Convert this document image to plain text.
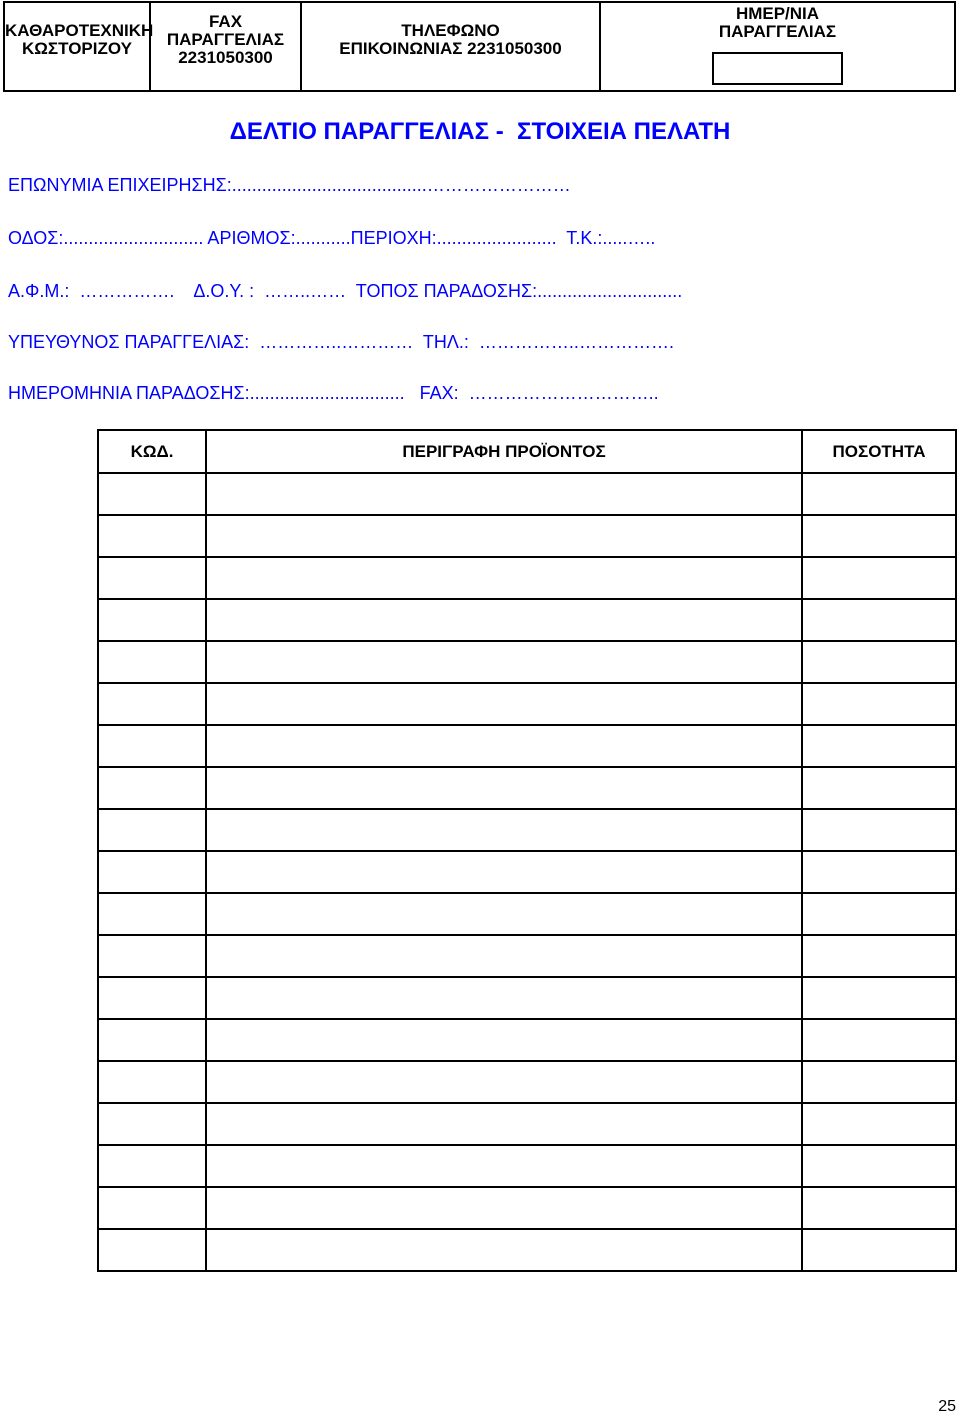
ΚΑΘΑΡΟΤΕΧΝΙΚΗ
ΚΩΣΤΟΡΙΖΟΥ

FAX
ΠΑΡΑΓΓΕΛΙΑΣ
2231050300

ΤΗΛΕΦΩΝΟ
ΕΠΙΚΟΙΝΩΝΙΑΣ 2231050300

ΗΜΕΡ/ΝΙΑ
ΠΑΡΑΓΓΕΛΙΑΣ
ΔΕΛΤΙΟ ΠΑΡΑΓΓΕΛΙΑΣ -  ΣΤΟΙΧΕΙΑ ΠΕΛΑΤΗ
ΕΠΩΝΥΜΙΑ ΕΠΙΧΕΙΡΗΣΗΣ:.......................................……………………
ΟΔΟΣ:............................ ΑΡΙΘΜΟΣ:...........ΠΕΡΙΟΧΗ:........................  Τ.Κ.:.....…..
Α.Φ.Μ.:  …………….    Δ.Ο.Υ. :  ……..……  ΤΟΠΟΣ ΠΑΡΑΔΟΣΗΣ:.............................
ΥΠΕΥΘΥΝΟΣ ΠΑΡΑΓΓΕΛΙΑΣ:  …………..…………  ΤΗΛ.:  ……………..…………….
ΗΜΕΡΟΜΗΝΙΑ ΠΑΡΑΔΟΣΗΣ:...............................   FAX:  …………………………..
ΚΩΔ.	ΠΕΡΙΓΡΑΦΗ ΠΡΟΪΟΝΤΟΣ	ΠΟΣΟΤΗΤΑ

25
